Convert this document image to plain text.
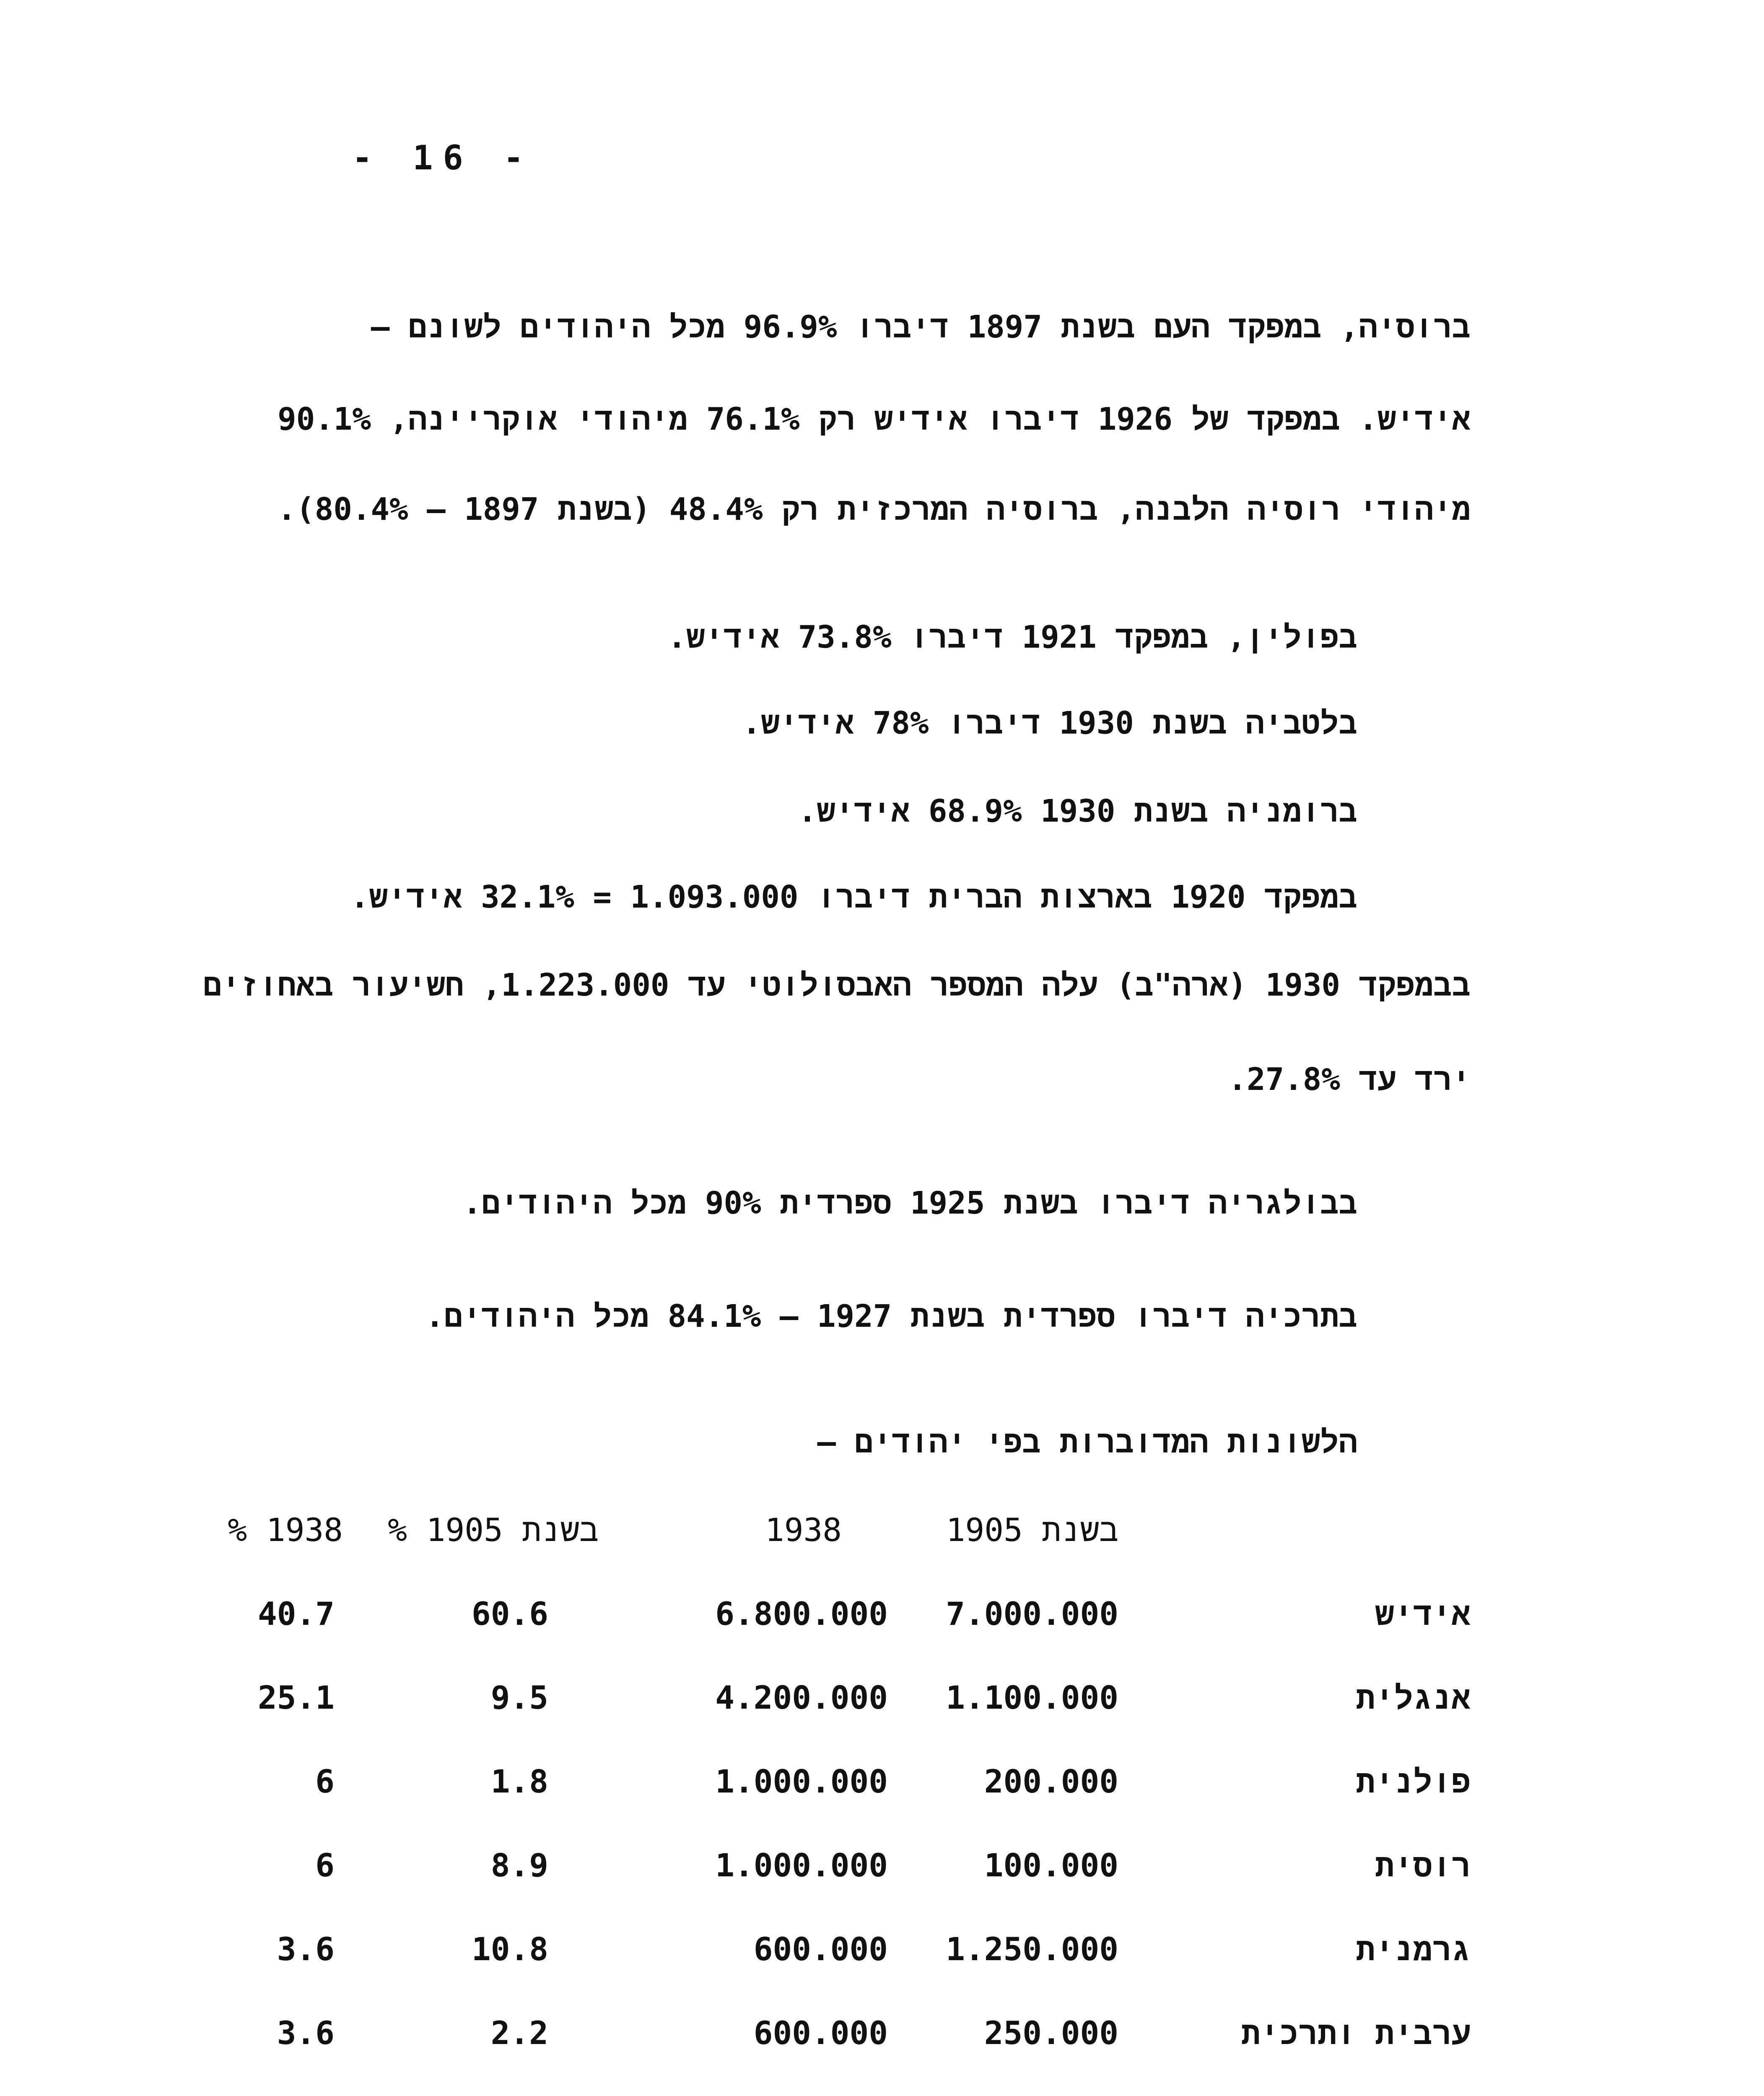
- 16 -
ברוסיה, במפקד העם בשנת 1897 דיברו 96.9% מכל היהודים לשונם –
אידיש. במפקד של 1926 דיברו אידיש רק 76.1% מיהודי אוקריינה, 90.1%
מיהודי רוסיה הלבנה, ברוסיה המרכזית רק 48.4% (בשנת 1897 – 80.4%).
בפולין, במפקד 1921 דיברו 73.8% אידיש.
בלטביה בשנת 1930 דיברו 78% אידיש.
ברומניה בשנת 1930 68.9% אידיש.
במפקד 1920 בארצות הברית דיברו 1.093.000 = 32.1% אידיש.
בבמפקד 1930 (ארה"ב) עלה המספר האבסולוטי עד 1.223.000, חשיעור באחוזים
ירד עד 27.8%.
בבולגריה דיברו בשנת 1925 ספרדית 90% מכל היהודים.
בתרכיה דיברו ספרדית בשנת 1927 – 84.1% מכל היהודים.
הלשונות המדוברות בפי יהודים –
בשנת 1905
1938
% בשנת 1905
% 1938
אידיש
7.000.000
6.800.000
60.6
40.7
אנגלית
1.100.000
4.200.000
9.5
25.1
פולנית
200.000
1.000.000
1.8
6
רוסית
100.000
1.000.000
8.9
6
גרמנית
1.250.000
600.000
10.8
3.6
ערבית ותרכית
250.000
600.000
2.2
3.6
